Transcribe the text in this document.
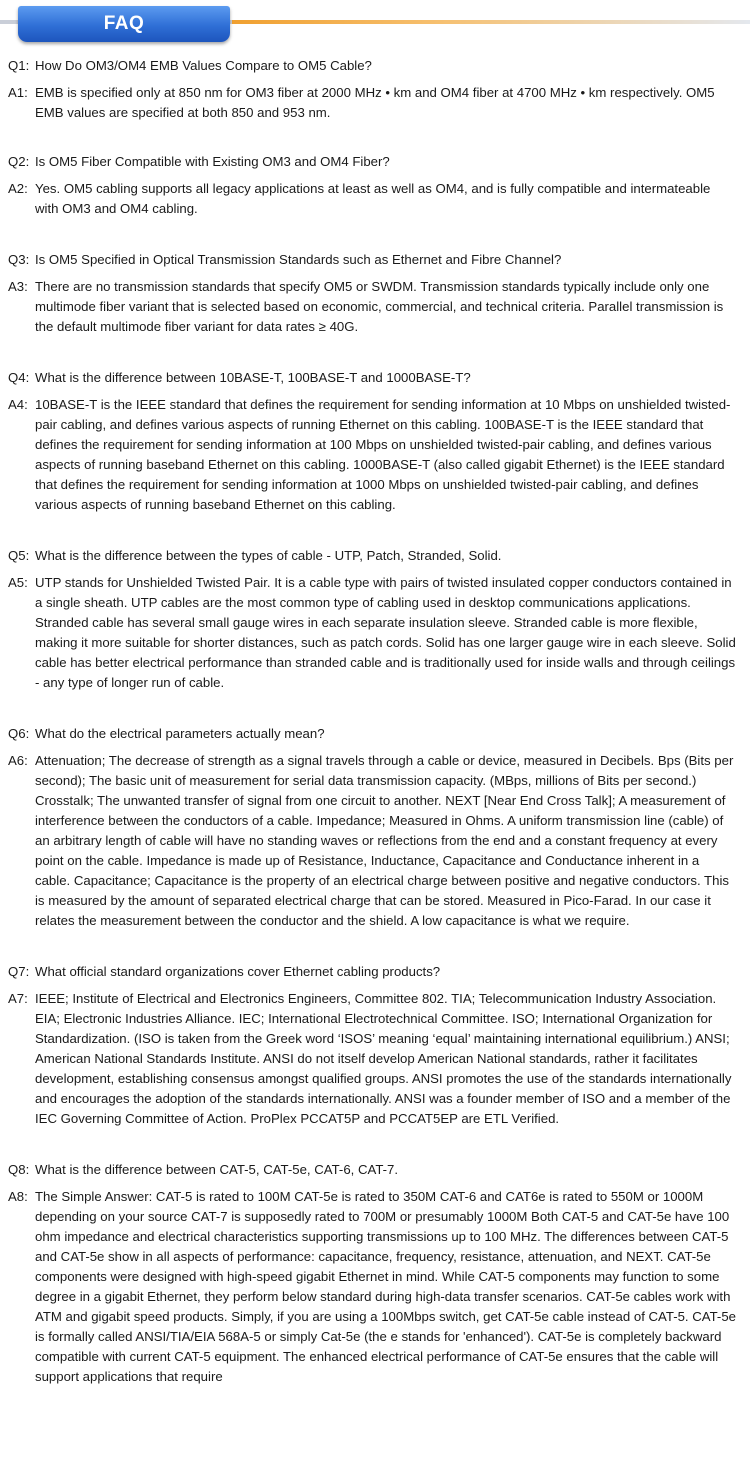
FAQ
Q1: How Do OM3/OM4 EMB Values Compare to OM5 Cable?
A1: EMB is specified only at 850 nm for OM3 fiber at 2000 MHz • km and OM4 fiber at 4700 MHz • km respectively. OM5 EMB values are specified at both 850 and 953 nm.
Q2: Is OM5 Fiber Compatible with Existing OM3 and OM4 Fiber?
A2: Yes. OM5 cabling supports all legacy applications at least as well as OM4, and is fully compatible and intermateable with OM3 and OM4 cabling.
Q3: Is OM5 Specified in Optical Transmission Standards such as Ethernet and Fibre Channel?
A3: There are no transmission standards that specify OM5 or SWDM. Transmission standards typically include only one multimode fiber variant that is selected based on economic, commercial, and technical criteria. Parallel transmission is the default multimode fiber variant for data rates ≥ 40G.
Q4: What is the difference between 10BASE-T, 100BASE-T and 1000BASE-T?
A4: 10BASE-T is the IEEE standard that defines the requirement for sending information at 10 Mbps on unshielded twisted-pair cabling, and defines various aspects of running Ethernet on this cabling. 100BASE-T is the IEEE standard that defines the requirement for sending information at 100 Mbps on unshielded twisted-pair cabling, and defines various aspects of running baseband Ethernet on this cabling. 1000BASE-T (also called gigabit Ethernet) is the IEEE standard that defines the requirement for sending information at 1000 Mbps on unshielded twisted-pair cabling, and defines various aspects of running baseband Ethernet on this cabling.
Q5: What is the difference between the types of cable - UTP, Patch, Stranded, Solid.
A5: UTP stands for Unshielded Twisted Pair. It is a cable type with pairs of twisted insulated copper conductors contained in a single sheath. UTP cables are the most common type of cabling used in desktop communications applications. Stranded cable has several small gauge wires in each separate insulation sleeve. Stranded cable is more flexible, making it more suitable for shorter distances, such as patch cords. Solid has one larger gauge wire in each sleeve. Solid cable has better electrical performance than stranded cable and is traditionally used for inside walls and through ceilings - any type of longer run of cable.
Q6: What do the electrical parameters actually mean?
A6: Attenuation; The decrease of strength as a signal travels through a cable or device, measured in Decibels. Bps (Bits per second); The basic unit of measurement for serial data transmission capacity. (MBps, millions of Bits per second.) Crosstalk; The unwanted transfer of signal from one circuit to another. NEXT [Near End Cross Talk]; A measurement of interference between the conductors of a cable. Impedance; Measured in Ohms. A uniform transmission line (cable) of an arbitrary length of cable will have no standing waves or reflections from the end and a constant frequency at every point on the cable. Impedance is made up of Resistance, Inductance, Capacitance and Conductance inherent in a cable. Capacitance; Capacitance is the property of an electrical charge between positive and negative conductors. This is measured by the amount of separated electrical charge that can be stored. Measured in Pico-Farad. In our case it relates the measurement between the conductor and the shield. A low capacitance is what we require.
Q7: What official standard organizations cover Ethernet cabling products?
A7: IEEE; Institute of Electrical and Electronics Engineers, Committee 802. TIA; Telecommunication Industry Association. EIA; Electronic Industries Alliance. IEC; International Electrotechnical Committee. ISO; International Organization for Standardization. (ISO is taken from the Greek word ‘ISOS’ meaning ‘equal’ maintaining international equilibrium.) ANSI; American National Standards Institute. ANSI do not itself develop American National standards, rather it facilitates development, establishing consensus amongst qualified groups. ANSI promotes the use of the standards internationally and encourages the adoption of the standards internationally. ANSI was a founder member of ISO and a member of the IEC Governing Committee of Action. ProPlex PCCAT5P and PCCAT5EP are ETL Verified.
Q8: What is the difference between CAT-5, CAT-5e, CAT-6, CAT-7.
A8: The Simple Answer: CAT-5 is rated to 100M CAT-5e is rated to 350M CAT-6 and CAT6e is rated to 550M or 1000M depending on your source CAT-7 is supposedly rated to 700M or presumably 1000M Both CAT-5 and CAT-5e have 100 ohm impedance and electrical characteristics supporting transmissions up to 100 MHz. The differences between CAT-5 and CAT-5e show in all aspects of performance: capacitance, frequency, resistance, attenuation, and NEXT. CAT-5e components were designed with high-speed gigabit Ethernet in mind. While CAT-5 components may function to some degree in a gigabit Ethernet, they perform below standard during high-data transfer scenarios. CAT-5e cables work with ATM and gigabit speed products. Simply, if you are using a 100Mbps switch, get CAT-5e cable instead of CAT-5. CAT-5e is formally called ANSI/TIA/EIA 568A-5 or simply Cat-5e (the e stands for 'enhanced'). CAT-5e is completely backward compatible with current CAT-5 equipment. The enhanced electrical performance of CAT-5e ensures that the cable will support applications that require
